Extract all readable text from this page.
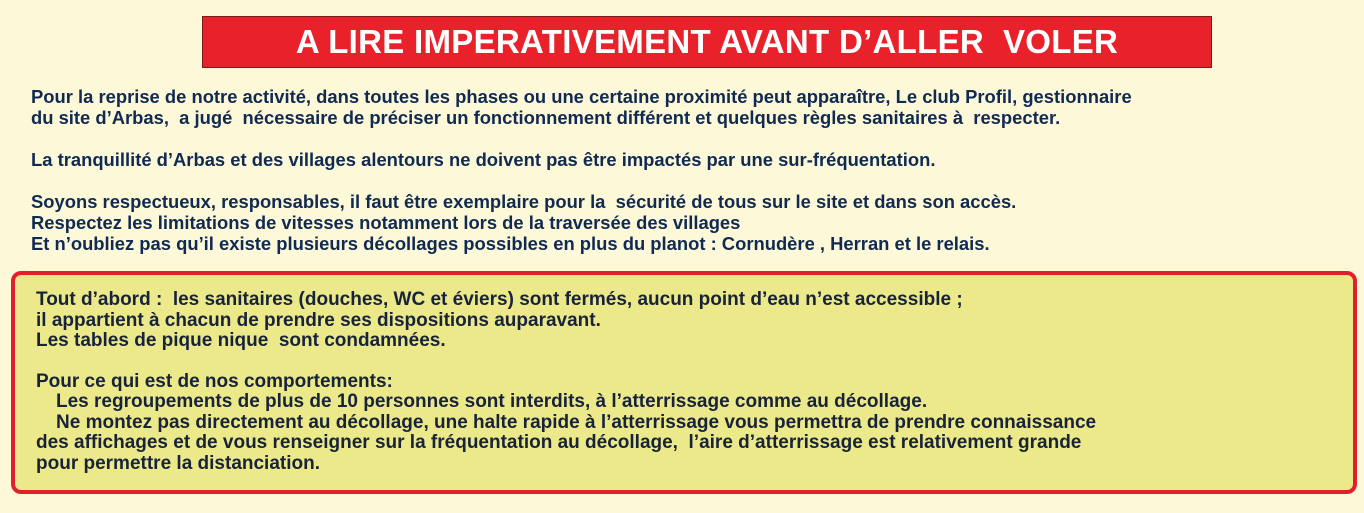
A LIRE IMPERATIVEMENT AVANT D’ALLER  VOLER

Pour la reprise de notre activité, dans toutes les phases ou une certaine proximité peut apparaître, Le club Profil, gestionnaire

du site d’Arbas,  a jugé  nécessaire de préciser un fonctionnement différent et quelques règles sanitaires à  respecter.

La tranquillité d’Arbas et des villages alentours ne doivent pas être impactés par une sur-fréquentation.

Soyons respectueux, responsables, il faut être exemplaire pour la  sécurité de tous sur le site et dans son accès.

Respectez les limitations de vitesses notamment lors de la traversée des villages

Et n’oubliez pas qu’il existe plusieurs décollages possibles en plus du planot : Cornudère , Herran et le relais.

Tout d’abord :  les sanitaires (douches, WC et éviers) sont fermés, aucun point d’eau n’est accessible ;

il appartient à chacun de prendre ses dispositions auparavant.

Les tables de pique nique  sont condamnées.

Pour ce qui est de nos comportements:

Les regroupements de plus de 10 personnes sont interdits, à l’atterrissage comme au décollage.

Ne montez pas directement au décollage, une halte rapide à l’atterrissage vous permettra de prendre connaissance

des affichages et de vous renseigner sur la fréquentation au décollage,  l’aire d’atterrissage est relativement grande

pour permettre la distanciation.
